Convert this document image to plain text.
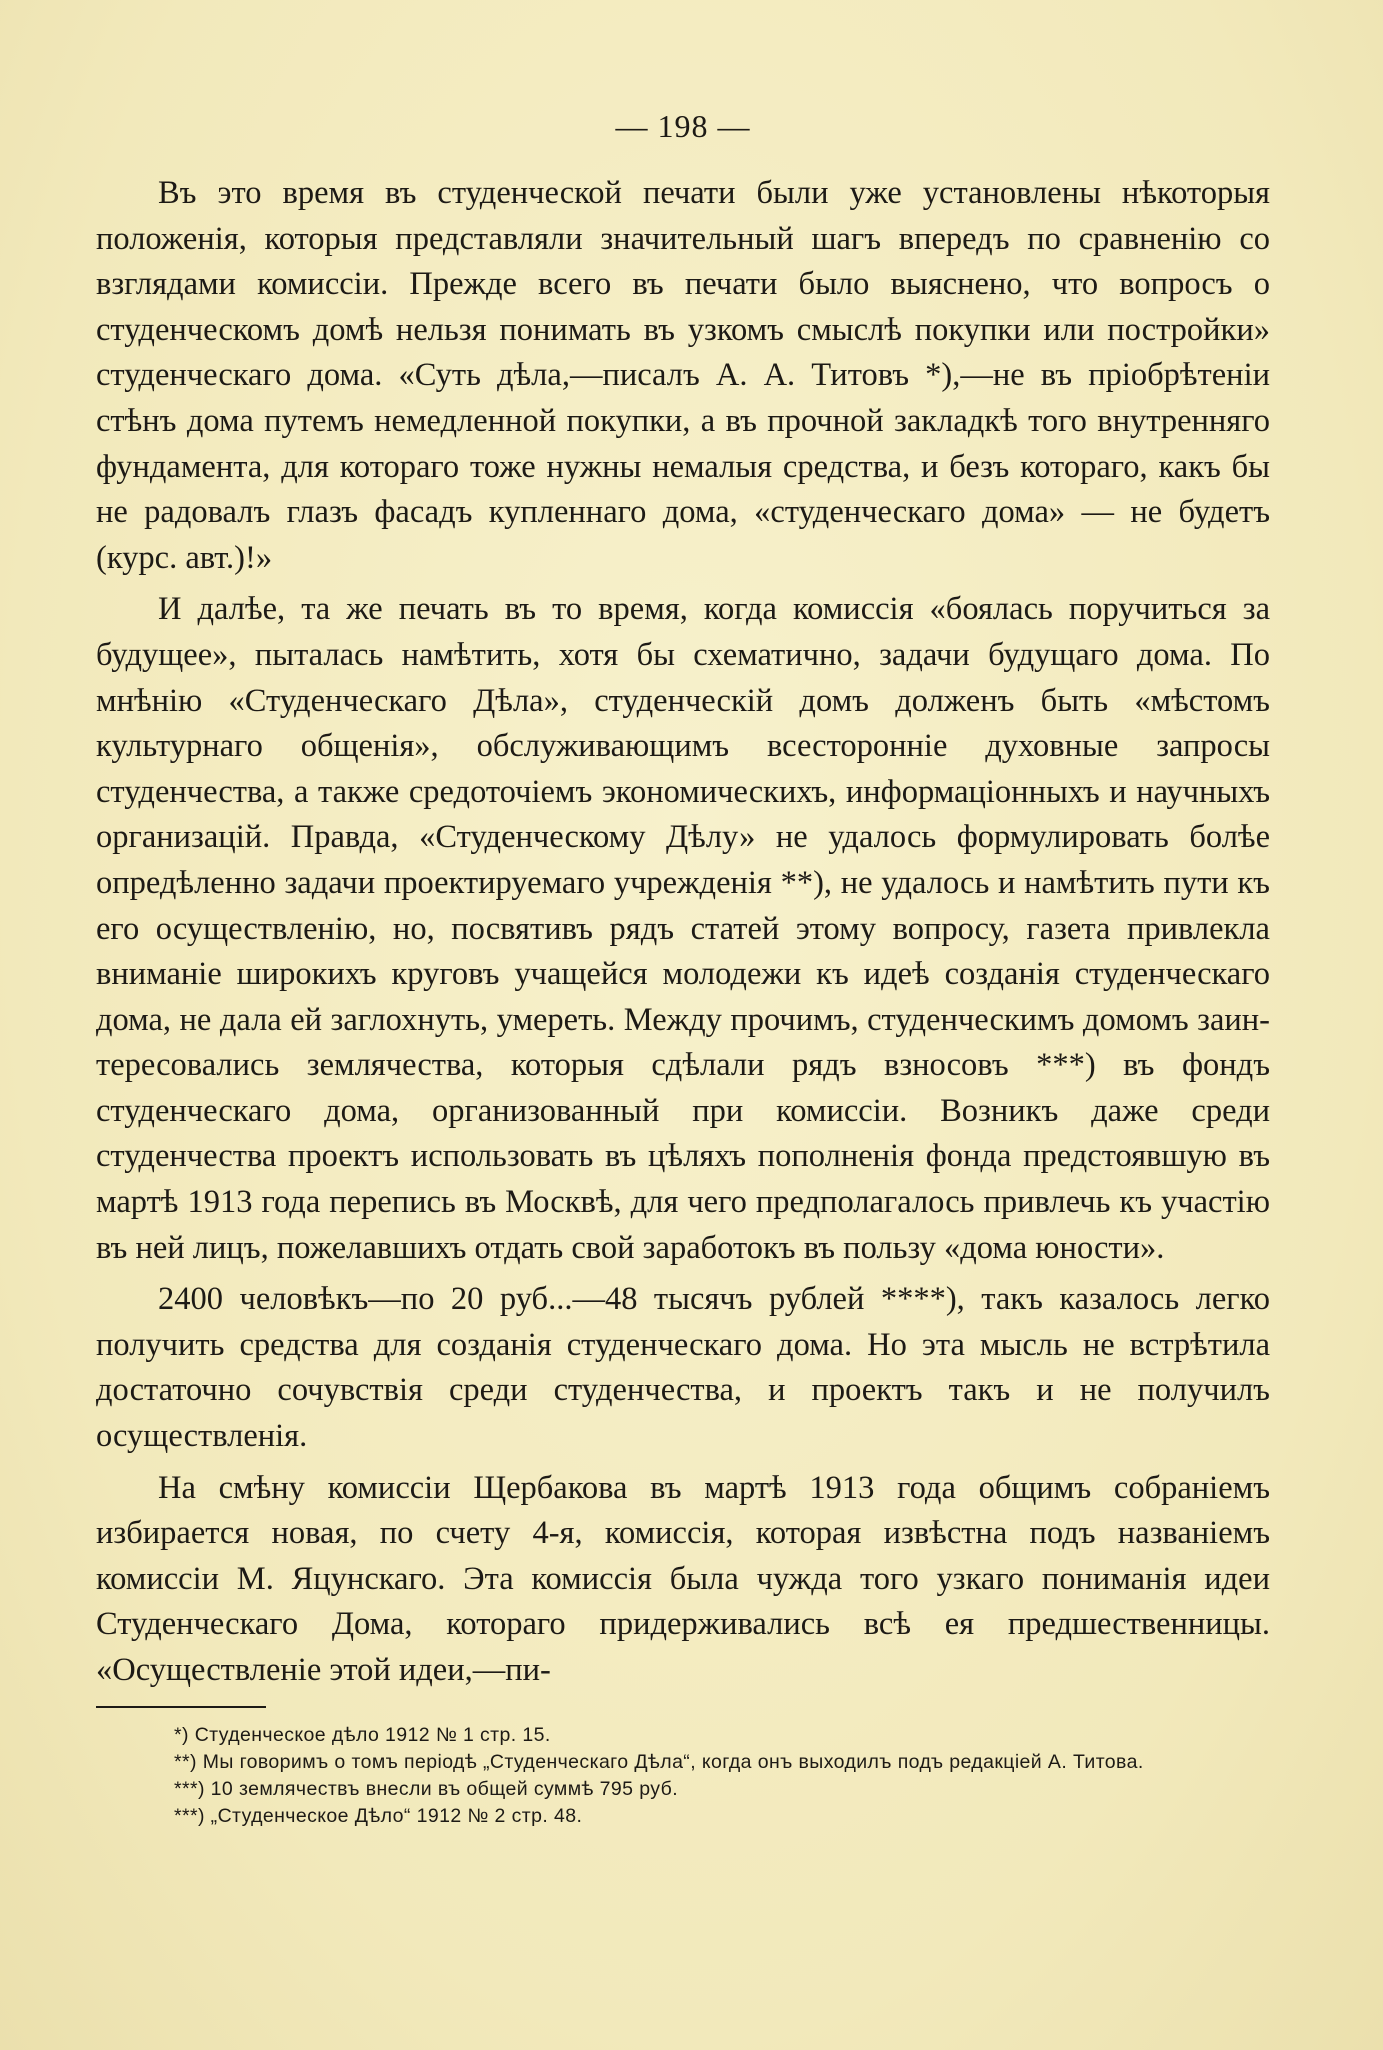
— 198 —

Въ это время въ студенческой печати были уже установлены нѣкоторыя положенія, которыя представляли значительный шагъ впередъ по сравненію со взглядами комиссіи. Прежде всего въ печати было выяснено, что вопросъ о студенческомъ домѣ нельзя понимать въ узкомъ смыслѣ покупки или постройки» студенческаго дома. «Суть дѣла,—писалъ А. А. Титовъ *),—не въ пріобрѣтеніи стѣнъ дома путемъ немедленной покупки, а въ прочной закладкѣ того внутренняго фундамента, для котораго тоже нужны немалыя средства, и безъ котораго, какъ бы не радовалъ глазъ фасадъ купленнаго дома, «студенческаго дома» — не будетъ (курс. авт.)!»

И далѣе, та же печать въ то время, когда комиссія «боялась поручиться за будущее», пыталась намѣтить, хотя бы схематично, задачи будущаго дома. По мнѣнію «Студенческаго Дѣла», студенческій домъ долженъ быть «мѣстомъ культурнаго общенія», обслуживающимъ всесторонніе духовные запросы студенчества, а также средоточіемъ экономическихъ, информаціонныхъ и научныхъ организацій. Правда, «Студенческому Дѣлу» не удалось формулировать болѣе опредѣленно задачи проектируемаго учрежденія **), не удалось и намѣтить пути къ его осуществленію, но, посвятивъ рядъ статей этому вопросу, газета привлекла вниманіе широкихъ круговъ учащейся молодежи къ идеѣ созданія студенческаго дома, не дала ей заглохнуть, умереть. Между прочимъ, студенческимъ домомъ заинтересовались землячества, которыя сдѣлали рядъ взносовъ ***) въ фондъ студенческаго дома, организованный при комиссіи. Возникъ даже среди студенчества проектъ использовать въ цѣляхъ пополненія фонда предстоявшую въ мартѣ 1913 года перепись въ Москвѣ, для чего предполагалось привлечь къ участію въ ней лицъ, пожелавшихъ отдать свой заработокъ въ пользу «дома юности».

2400 человѣкъ—по 20 руб...—48 тысячъ рублей ****), такъ казалось легко получить средства для созданія студенческаго дома. Но эта мысль не встрѣтила достаточно сочувствія среди студенчества, и проектъ такъ и не получилъ осуществленія.

На смѣну комиссіи Щербакова въ мартѣ 1913 года общимъ собраніемъ избирается новая, по счету 4-я, комиссія, которая извѣстна подъ названіемъ комиссіи М. Яцунскаго. Эта комиссія была чужда того узкаго пониманія идеи Студенческаго Дома, котораго придерживались всѣ ея предшественницы. «Осуществленіе этой идеи,—пи-

*) Студенческое дѣло 1912 № 1 стр. 15.

**) Мы говоримъ о томъ періодѣ „Студенческаго Дѣла“, когда онъ выходилъ подъ редакціей А. Титова.

***) 10 землячествъ внесли въ общей суммѣ 795 руб.

***) „Студенческое Дѣло“ 1912 № 2 стр. 48.
